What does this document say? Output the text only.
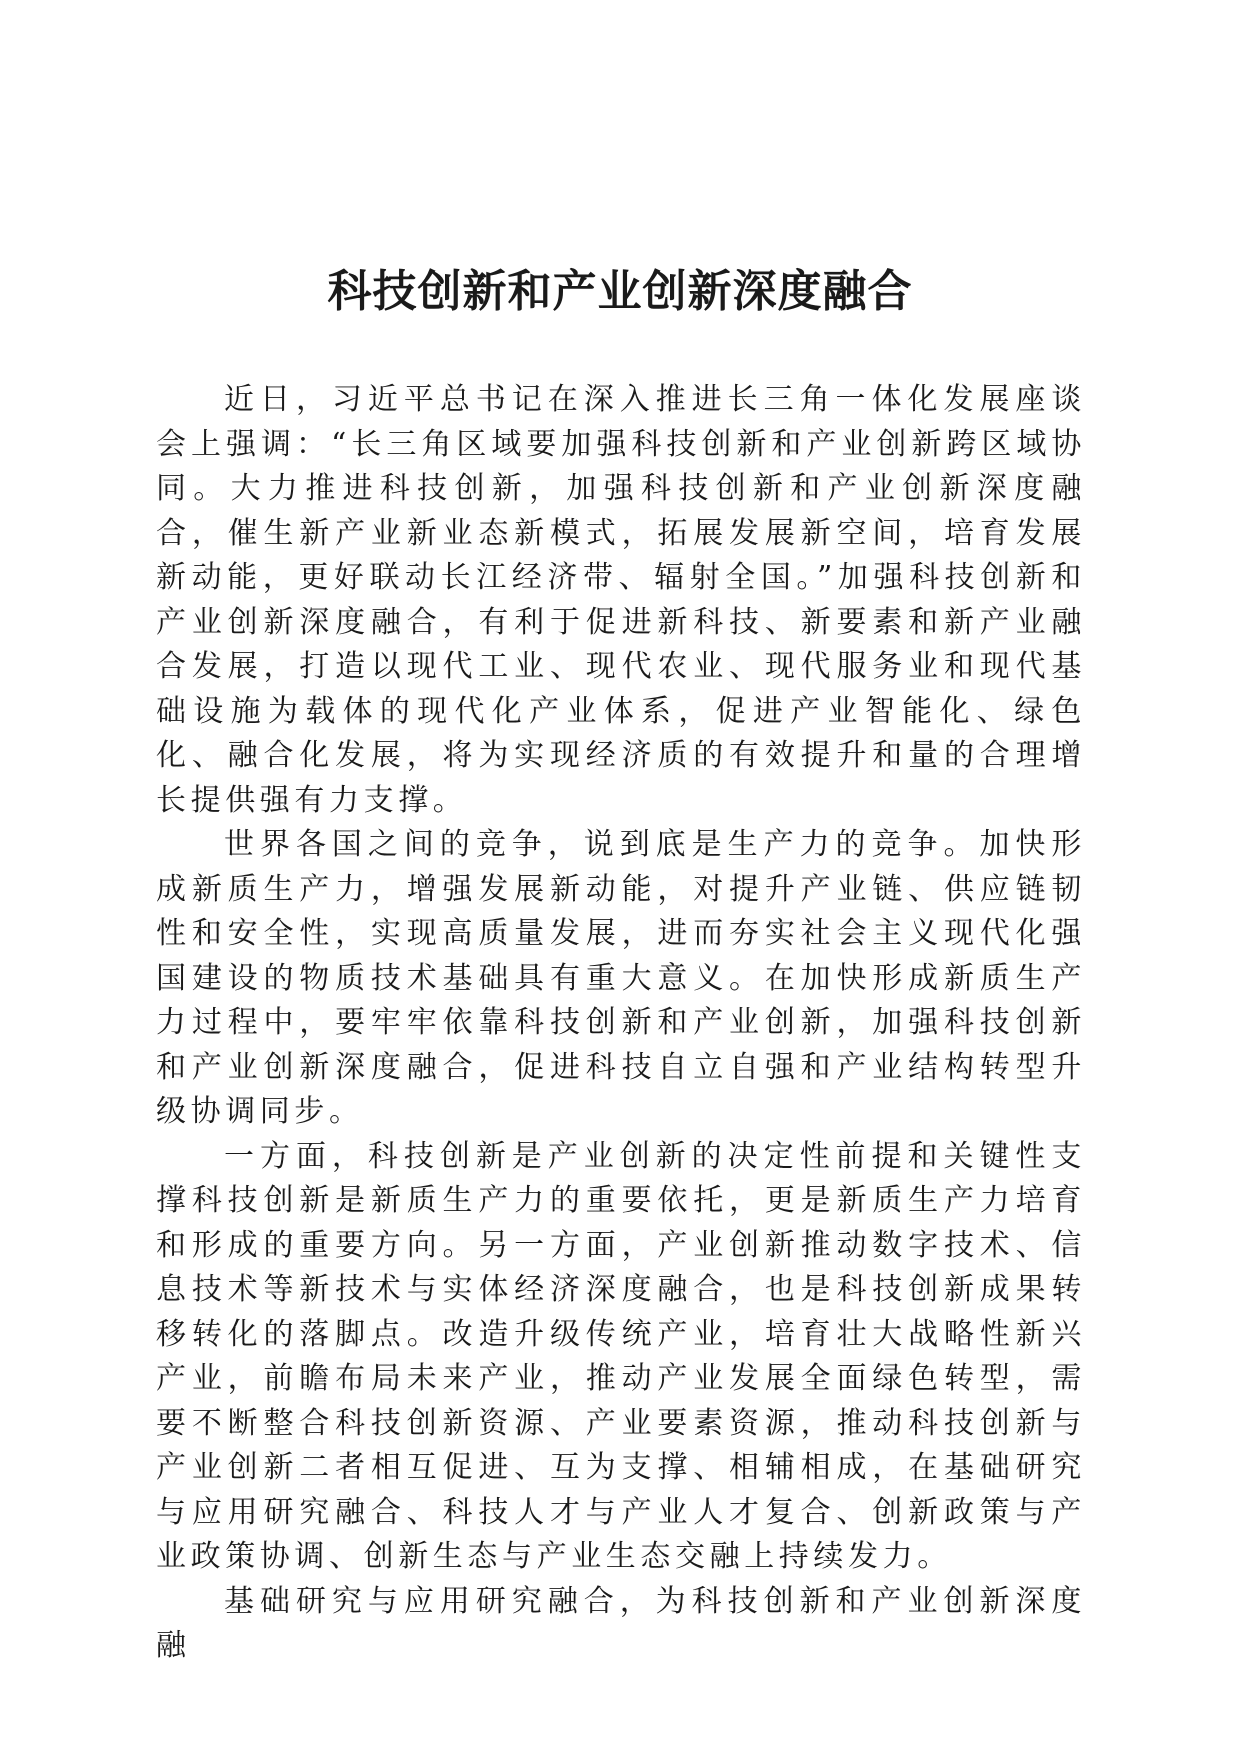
科技创新和产业创新深度融合

近日，习近平总书记在深入推进长三角一体化发展座谈会上强调：“长三角区域要加强科技创新和产业创新跨区域协同。大力推进科技创新，加强科技创新和产业创新深度融合，催生新产业新业态新模式，拓展发展新空间，培育发展新动能，更好联动长江经济带、辐射全国。”加强科技创新和产业创新深度融合，有利于促进新科技、新要素和新产业融合发展，打造以现代工业、现代农业、现代服务业和现代基础设施为载体的现代化产业体系，促进产业智能化、绿色化、融合化发展，将为实现经济质的有效提升和量的合理增长提供强有力支撑。

世界各国之间的竞争，说到底是生产力的竞争。加快形成新质生产力，增强发展新动能，对提升产业链、供应链韧性和安全性，实现高质量发展，进而夯实社会主义现代化强国建设的物质技术基础具有重大意义。在加快形成新质生产力过程中，要牢牢依靠科技创新和产业创新，加强科技创新和产业创新深度融合，促进科技自立自强和产业结构转型升级协调同步。

一方面，科技创新是产业创新的决定性前提和关键性支撑科技创新是新质生产力的重要依托，更是新质生产力培育和形成的重要方向。另一方面，产业创新推动数字技术、信息技术等新技术与实体经济深度融合，也是科技创新成果转移转化的落脚点。改造升级传统产业，培育壮大战略性新兴产业，前瞻布局未来产业，推动产业发展全面绿色转型，需要不断整合科技创新资源、产业要素资源，推动科技创新与产业创新二者相互促进、互为支撑、相辅相成，在基础研究与应用研究融合、科技人才与产业人才复合、创新政策与产业政策协调、创新生态与产业生态交融上持续发力。

基础研究与应用研究融合，为科技创新和产业创新深度融
